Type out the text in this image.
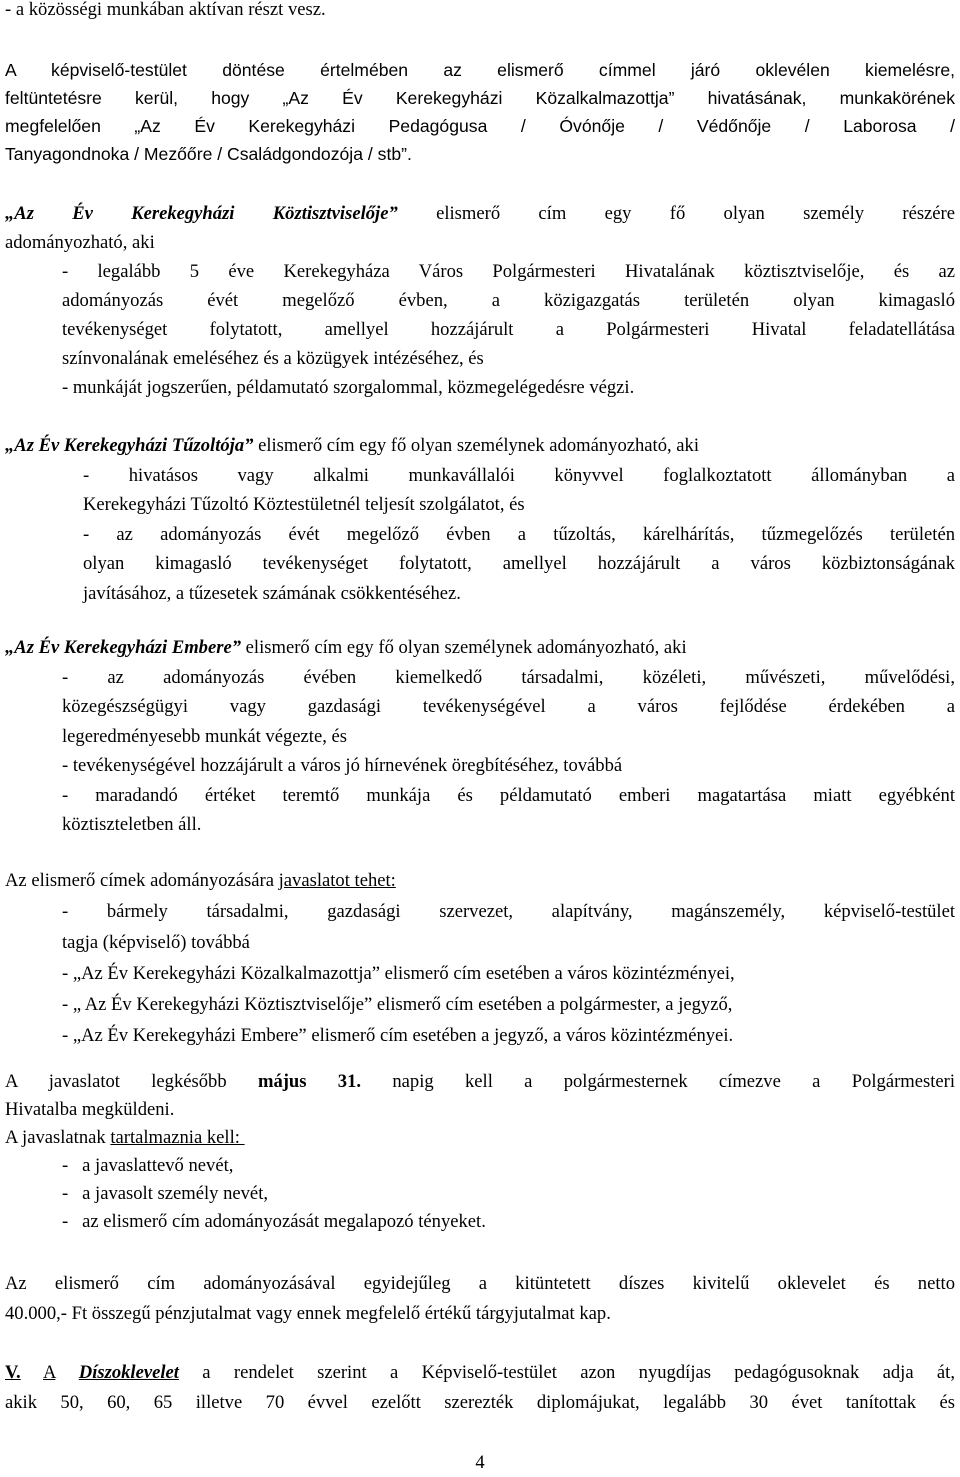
- a közösségi munkában aktívan részt vesz.

A képviselő-testület döntése értelmében az elismerő címmel járó oklevélen kiemelésre,

feltüntetésre kerül, hogy „Az Év Kerekegyházi Közalkalmazottja” hivatásának, munkakörének

megfelelően „Az Év Kerekegyházi Pedagógusa / Óvónője / Védőnője / Laborosa /

Tanyagondnoka / Mezőőre / Családgondozója / stb”.

„Az Év Kerekegyházi Köztisztviselője” elismerő cím egy fő olyan személy részére

adományozható, aki

- legalább 5 éve Kerekegyháza Város Polgármesteri Hivatalának köztisztviselője, és az

adományozás évét megelőző évben, a közigazgatás területén olyan kimagasló

tevékenységet folytatott, amellyel hozzájárult a Polgármesteri Hivatal feladatellátása

színvonalának emeléséhez és a közügyek intézéséhez, és

- munkáját jogszerűen, példamutató szorgalommal, közmegelégedésre végzi.

„Az Év Kerekegyházi Tűzoltója” elismerő cím egy fő olyan személynek adományozható, aki

- hivatásos vagy alkalmi munkavállalói könyvvel foglalkoztatott állományban a

Kerekegyházi Tűzoltó Köztestületnél teljesít szolgálatot, és

- az adományozás évét megelőző évben a tűzoltás, kárelhárítás, tűzmegelőzés területén

olyan kimagasló tevékenységet folytatott, amellyel hozzájárult a város közbiztonságának

javításához, a tűzesetek számának csökkentéséhez.

„Az Év Kerekegyházi Embere” elismerő cím egy fő olyan személynek adományozható, aki

- az adományozás évében kiemelkedő társadalmi, közéleti, művészeti, művelődési,

közegészségügyi vagy gazdasági tevékenységével a város fejlődése érdekében a

legeredményesebb munkát végezte, és

- tevékenységével hozzájárult a város jó hírnevének öregbítéséhez, továbbá

- maradandó értéket teremtő munkája és példamutató emberi magatartása miatt egyébként

köztiszteletben áll.

Az elismerő címek adományozására javaslatot tehet:

- bármely társadalmi, gazdasági szervezet, alapítvány, magánszemély, képviselő-testület

tagja (képviselő) továbbá

- „Az Év Kerekegyházi Közalkalmazottja” elismerő cím esetében a város közintézményei,

- „ Az Év Kerekegyházi Köztisztviselője” elismerő cím esetében a polgármester, a jegyző,

- „Az Év Kerekegyházi Embere” elismerő cím esetében a jegyző, a város közintézményei.

A javaslatot legkésőbb május 31. napig kell a polgármesternek címezve a Polgármesteri

Hivatalba megküldeni.

A javaslatnak tartalmaznia kell:

-   a javaslattevő nevét,

-   a javasolt személy nevét,

-   az elismerő cím adományozását megalapozó tényeket.

Az elismerő cím adományozásával egyidejűleg a kitüntetett díszes kivitelű oklevelet és netto

40.000,- Ft összegű pénzjutalmat vagy ennek megfelelő értékű tárgyjutalmat kap.

V. A Díszoklevelet a rendelet szerint a Képviselő-testület azon nyugdíjas pedagógusoknak adja át,

akik 50, 60, 65 illetve 70 évvel ezelőtt szerezték diplomájukat, legalább 30 évet tanítottak és

4
